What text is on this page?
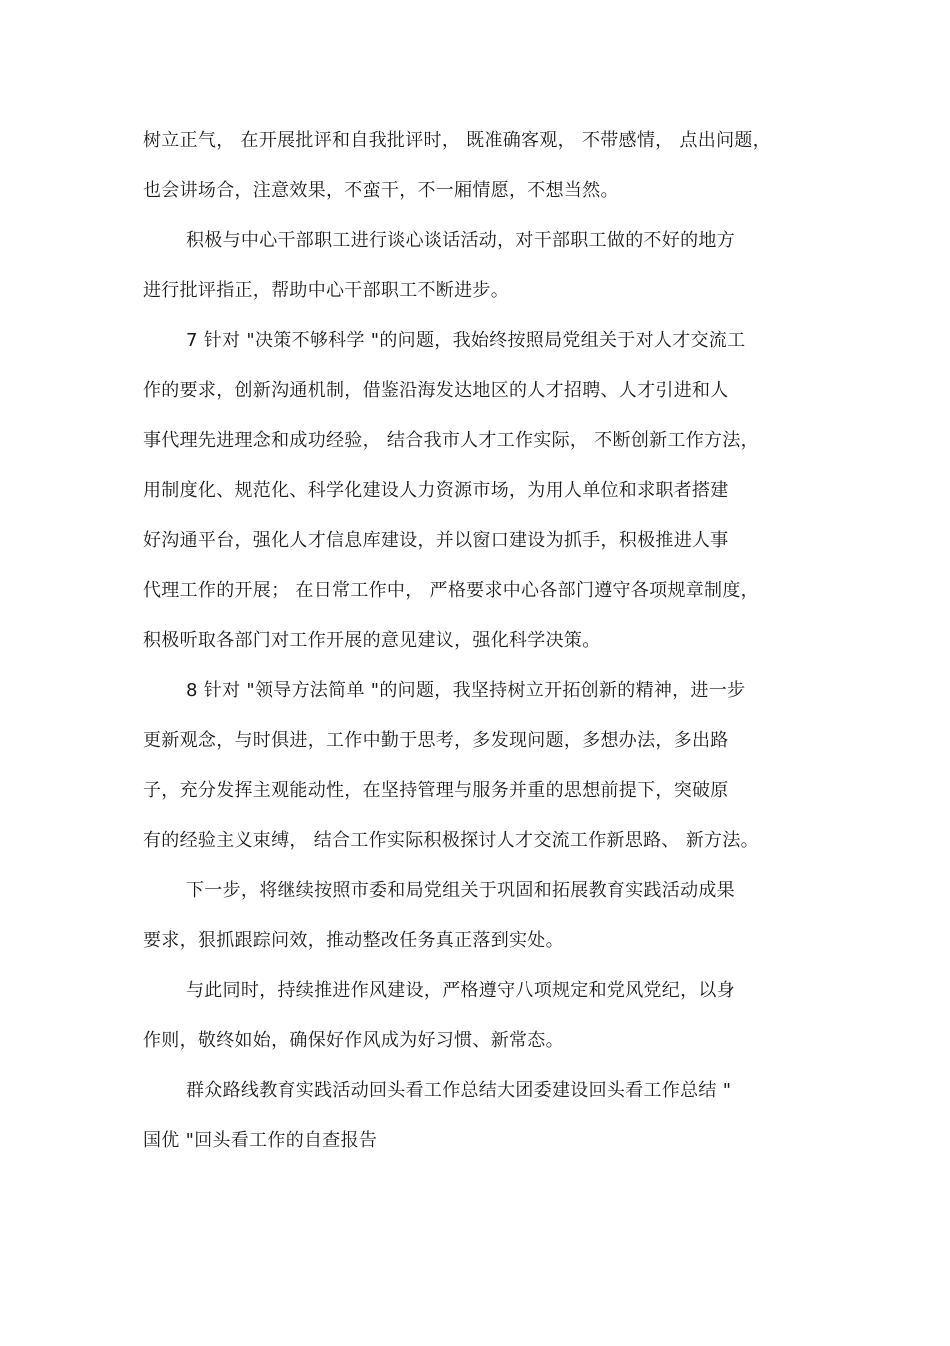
树立正气， 在开展批评和自我批评时， 既准确客观， 不带感情， 点出问题，
也会讲场合，注意效果，不蛮干，不一厢情愿，不想当然。
积极与中心干部职工进行谈心谈话活动，对干部职工做的不好的地方
进行批评指正，帮助中心干部职工不断进步。
7 针对 "决策不够科学 "的问题，我始终按照局党组关于对人才交流工
作的要求，创新沟通机制，借鉴沿海发达地区的人才招聘、人才引进和人
事代理先进理念和成功经验， 结合我市人才工作实际， 不断创新工作方法，
用制度化、规范化、科学化建设人力资源市场，为用人单位和求职者搭建
好沟通平台，强化人才信息库建设，并以窗口建设为抓手，积极推进人事
代理工作的开展； 在日常工作中， 严格要求中心各部门遵守各项规章制度，
积极听取各部门对工作开展的意见建议，强化科学决策。
8 针对 "领导方法简单 "的问题，我坚持树立开拓创新的精神，进一步
更新观念，与时俱进，工作中勤于思考，多发现问题，多想办法，多出路
子，充分发挥主观能动性，在坚持管理与服务并重的思想前提下，突破原
有的经验主义束缚， 结合工作实际积极探讨人才交流工作新思路、 新方法。
下一步，将继续按照市委和局党组关于巩固和拓展教育实践活动成果
要求，狠抓跟踪问效，推动整改任务真正落到实处。
与此同时，持续推进作风建设，严格遵守八项规定和党风党纪，以身
作则，敬终如始，确保好作风成为好习惯、新常态。
群众路线教育实践活动回头看工作总结大团委建设回头看工作总结 "
国优 "回头看工作的自查报告
